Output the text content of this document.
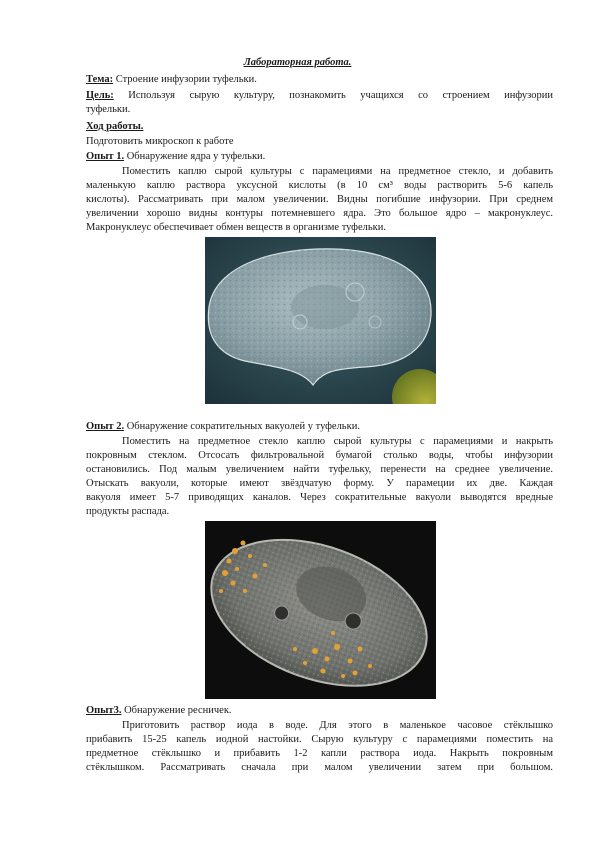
Лабораторная работа.
Тема: Строение инфузории туфельки.
Цель: Используя сырую культуру, познакомить учащихся со строением инфузории
туфельки.
Ход работы.
Подготовить микроскоп к работе
Опыт 1. Обнаружение ядра у туфельки.
Поместить каплю сырой культуры с парамециями на предметное стекло, и добавить
маленькую каплю раствора уксусной кислоты (в 10 см³ воды растворить 5-6 капель
кислоты). Рассматривать при малом увеличении. Видны погибшие инфузории. При среднем
увеличении хорошо видны контуры потемневшего ядра. Это большое ядро – макронуклеус.
Макронуклеус обеспечивает обмен веществ в организме туфельки.
Опыт 2. Обнаружение сократительных вакуолей у туфельки.
Поместить на предметное стекло каплю сырой культуры с парамециями и накрыть
покровным стеклом. Отсосать фильтровальной бумагой столько воды, чтобы инфузории
остановились. Под малым увеличением найти туфельку, перенести на среднее увеличение.
Отыскать вакуоли, которые имеют звёздчатую форму. У парамеции их две. Каждая
вакуоля имеет 5-7 приводящих каналов. Через сократительные вакуоли выводятся вредные
продукты распада.
Опыт3. Обнаружение ресничек.
Приготовить раствор иода в воде. Для этого в маленькое часовое стёклышко
прибавить 15-25 капель иодной настойки. Сырую культуру с парамециями поместить на
предметное стёклышко и прибавить 1-2 капли раствора иода. Накрыть покровным
стёклышком. Рассматривать сначала при малом увеличении затем при большом.
